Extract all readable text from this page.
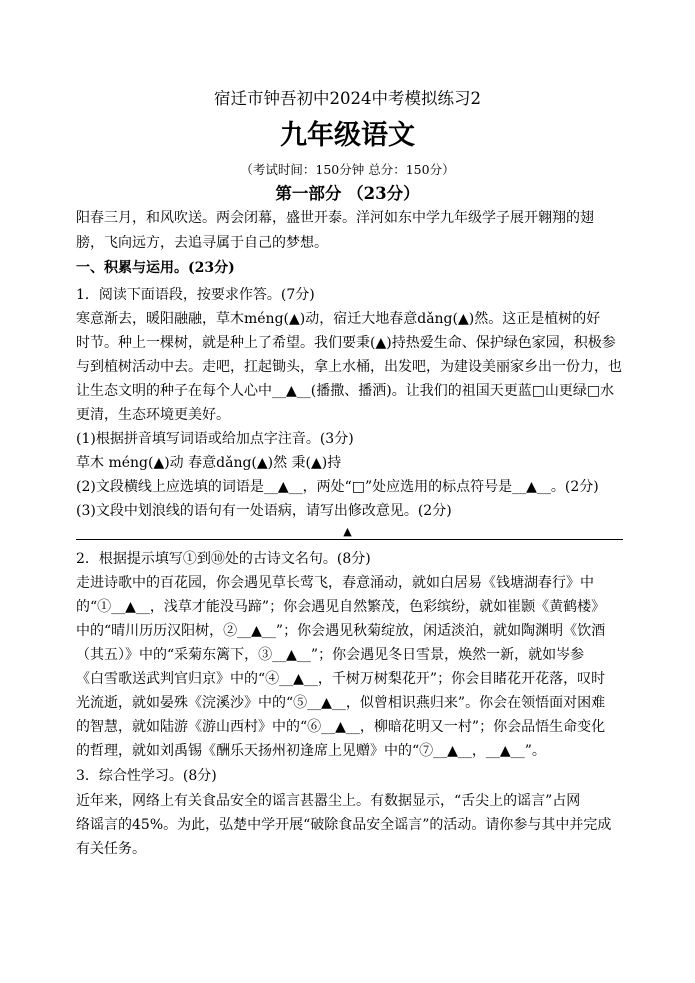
宿迁市钟吾初中2024中考模拟练习2
九年级语文
（考试时间：150分钟 总分：150分）
第一部分 （23分）
阳春三月，和风吹送。两会闭幕，盛世开泰。洋河如东中学九年级学子展开翱翔的翅
膀，飞向远方，去追寻属于自己的梦想。
一、积累与运用。(23分)
1．阅读下面语段，按要求作答。(7分)
寒意渐去，暖阳融融，草木méng(▲)动，宿迁大地春意dǎng(▲)然。这正是植树的好
时节。种上一棵树，就是种上了希望。我们要秉(▲)持热爱生命、保护绿色家园，积极参
与到植树活动中去。走吧，扛起锄头，拿上水桶，出发吧，为建设美丽家乡出一份力，也
让生态文明的种子在每个人心中__▲__(播撒、播洒)。让我们的祖国天更蓝□山更绿□水
更清，生态环境更美好。
(1)根据拼音填写词语或给加点字注音。(3分)
草木 méng(▲)动 春意dǎng(▲)然 秉(▲)持
(2)文段横线上应选填的词语是__▲__，两处“□”处应选用的标点符号是__▲__。(2分)
(3)文段中划浪线的语句有一处语病，请写出修改意见。(2分)
▲
2．根据提示填写①到⑩处的古诗文名句。(8分)
走进诗歌中的百花园，你会遇见草长莺飞，春意涌动，就如白居易《钱塘湖春行》中
的“①__▲__，浅草才能没马蹄”；你会遇见自然繁茂，色彩缤纷，就如崔颢《黄鹤楼》
中的“晴川历历汉阳树，②__▲__”；你会遇见秋菊绽放，闲适淡泊，就如陶渊明《饮酒
（其五）》中的“采菊东篱下，③__▲__”；你会遇见冬日雪景，焕然一新，就如岑参
《白雪歌送武判官归京》中的“④__▲__，千树万树梨花开”；你会目睹花开花落，叹时
光流逝，就如晏殊《浣溪沙》中的“⑤__▲__，似曾相识燕归来”。你会在领悟面对困难
的智慧，就如陆游《游山西村》中的“⑥__▲__，柳暗花明又一村”；你会品悟生命变化
的哲理，就如刘禹锡《酬乐天扬州初逢席上见赠》中的“⑦__▲__，__▲__”。
3．综合性学习。(8分)
近年来，网络上有关食品安全的谣言甚嚣尘上。有数据显示，“舌尖上的谣言”占网
络谣言的45%。为此，弘楚中学开展“破除食品安全谣言”的活动。请你参与其中并完成
有关任务。
